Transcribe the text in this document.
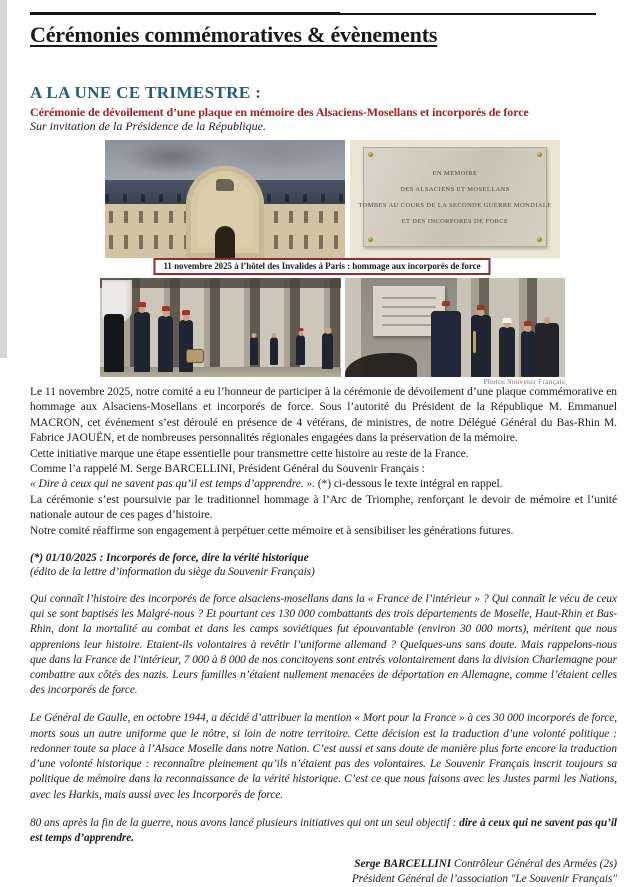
Cérémonies commémoratives & évènements
A LA UNE CE TRIMESTRE :
Cérémonie de dévoilement d’une plaque en mémoire des Alsaciens-Mosellans et incorporés de force
Sur invitation de la Présidence de la République.
EN MEMOIRE
DES ALSACIENS ET MOSELLANS
TOMBES AU COURS DE LA SECONDE GUERRE MONDIALE
ET DES INCORPORES DE FORCE
11 novembre 2025 à l’hôtel des Invalides à Paris : hommage aux incorporés de force
Photos Souvenir Français

Le 11 novembre 2025, notre comité a eu l’honneur de participer à la cérémonie de dévoilement d’une plaque commémorative en hommage aux Alsaciens-Mosellans et incorporés de force. Sous l’autorité du Président de la République M. Emmanuel MACRON, cet événement s’est déroulé en présence de 4 vétérans, de ministres, de notre Délégué Général du Bas-Rhin M. Fabrice JAOUËN, et de nombreuses personnalités régionales engagées dans la préservation de la mémoire.

Cette initiative marque une étape essentielle pour transmettre cette histoire au reste de la France.

Comme l’a rappelé M. Serge BARCELLINI, Président Général du Souvenir Français :

« Dire à ceux qui ne savent pas qu’il est temps d’apprendre. ». (*) ci-dessous le texte intégral en rappel.

La cérémonie s’est poursuivie par le traditionnel hommage à l’Arc de Triomphe, renforçant le devoir de mémoire et l’unité nationale autour de ces pages d’histoire.

Notre comité réaffirme son engagement à perpétuer cette mémoire et à sensibiliser les générations futures.

(*) 01/10/2025 : Incorporés de force, dire la vérité historique

(édito de la lettre d’information du siège du Souvenir Français)

Qui connaît l’histoire des incorporés de force alsaciens-mosellans dans la « France de l’intérieur » ? Qui connaît le vécu de ceux qui se sont baptisés les Malgré-nous ? Et pourtant ces 130 000 combattants des trois départements de Moselle, Haut-Rhin et Bas-Rhin, dont la mortalité au combat et dans les camps soviétiques fut épouvantable (environ 30 000 morts), méritent que nous apprenions leur histoire. Etaient-ils volontaires à revêtir l’uniforme allemand ? Quelques-uns sans doute. Mais rappelons-nous que dans la France de l’intérieur, 7 000 à 8 000 de nos concitoyens sont entrés volontairement dans la division Charlemagne pour combattre aux côtés des nazis. Leurs familles n’étaient nullement menacées de déportation en Allemagne, comme l’étaient celles des incorporés de force.

Le Général de Gaulle, en octobre 1944, a décidé d’attribuer la mention « Mort pour la France » à ces 30 000 incorporés de force, morts sous un autre uniforme que le nôtre, si loin de notre territoire. Cette décision est la traduction d’une volonté politique : redonner toute sa place à l’Alsace Moselle dans notre Nation. C’est aussi et sans doute de manière plus forte encore la traduction d’une volonté historique : reconnaître pleinement qu’ils n’étaient pas des volontaires. Le Souvenir Français inscrit toujours sa politique de mémoire dans la reconnaissance de la vérité historique. C’est ce que nous faisons avec les Justes parmi les Nations, avec les Harkis, mais aussi avec les Incorporés de force.

80 ans après la fin de la guerre, nous avons lancé plusieurs initiatives qui ont un seul objectif : dire à ceux qui ne savent pas qu’il est temps d’apprendre.

Serge BARCELLINI Contrôleur Général des Armées (2s)

Président Général de l’association "Le Souvenir Français"
